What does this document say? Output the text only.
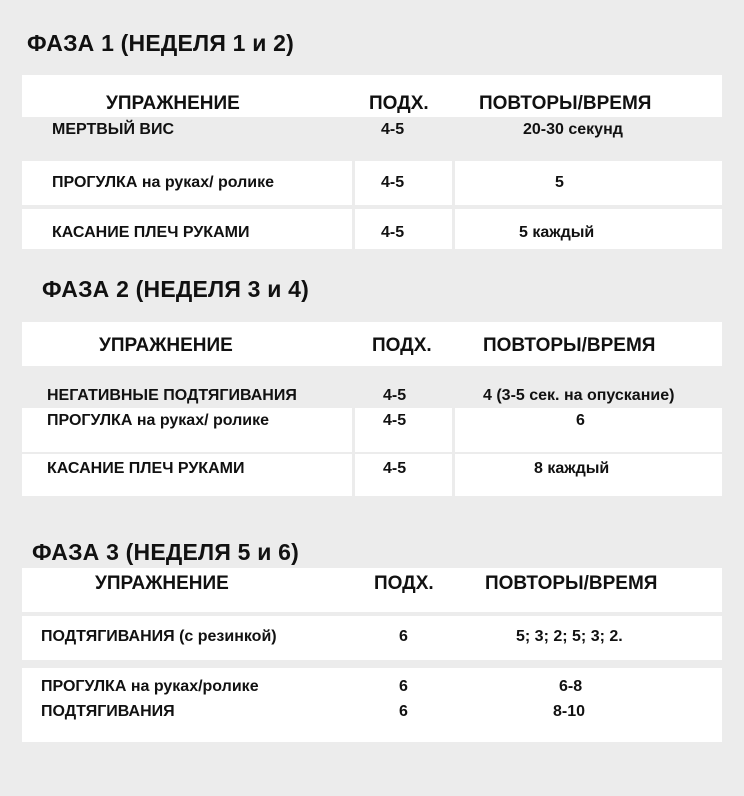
ФАЗА 1 (НЕДЕЛЯ 1 и 2)
УПРАЖНЕНИЕ	ПОДХ.	ПОВТОРЫ/ВРЕМЯ
МЕРТВЫЙ ВИС	4-5	20-30 секунд
ПРОГУЛКА на руках/ ролике	4-5	5
КАСАНИЕ ПЛЕЧ РУКАМИ	4-5	5 каждый
ФАЗА 2 (НЕДЕЛЯ 3 и 4)
УПРАЖНЕНИЕ	ПОДХ.	ПОВТОРЫ/ВРЕМЯ
НЕГАТИВНЫЕ ПОДТЯГИВАНИЯ	4-5	4 (3-5 сек. на опускание)
ПРОГУЛКА на руках/ ролике	4-5	6
КАСАНИЕ ПЛЕЧ РУКАМИ	4-5	8 каждый
ФАЗА 3 (НЕДЕЛЯ 5 и 6)
УПРАЖНЕНИЕ	ПОДХ.	ПОВТОРЫ/ВРЕМЯ
ПОДТЯГИВАНИЯ (с резинкой)	6	5; 3; 2; 5; 3; 2.
ПРОГУЛКА на руках/ролике	6	6-8
ПОДТЯГИВАНИЯ	6	8-10
